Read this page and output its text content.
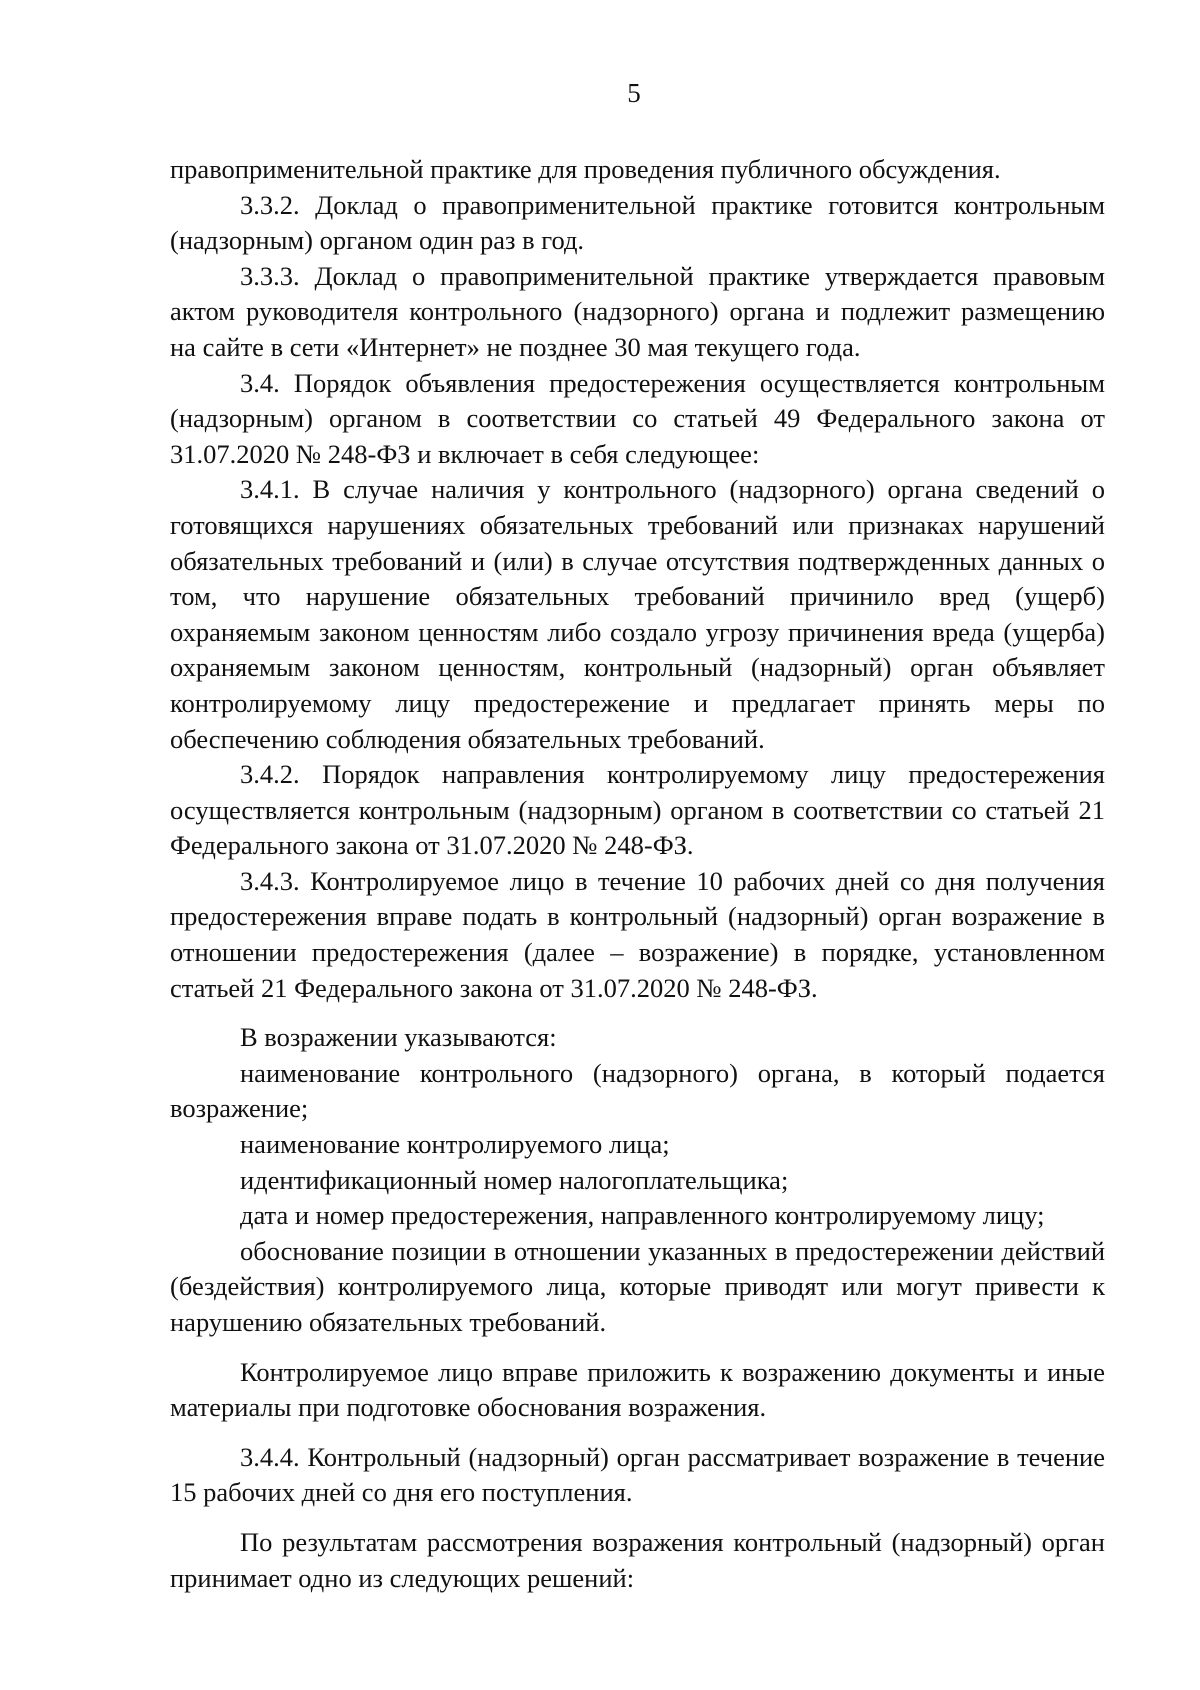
5

правоприменительной практике для проведения публичного обсуждения.

3.3.2. Доклад о правоприменительной практике готовится контрольным (надзорным) органом один раз в год.

3.3.3. Доклад о правоприменительной практике утверждается правовым актом руководителя контрольного (надзорного) органа и подлежит размещению на сайте в сети «Интернет» не позднее 30 мая текущего года.

3.4. Порядок объявления предостережения осуществляется контрольным (надзорным) органом в соответствии со статьей 49 Федерального закона от 31.07.2020 № 248-ФЗ и включает в себя следующее:

3.4.1. В случае наличия у контрольного (надзорного) органа сведений о готовящихся нарушениях обязательных требований или признаках нарушений обязательных требований и (или) в случае отсутствия подтвержденных данных о том, что нарушение обязательных требований причинило вред (ущерб) охраняемым законом ценностям либо создало угрозу причинения вреда (ущерба) охраняемым законом ценностям, контрольный (надзорный) орган объявляет контролируемому лицу предостережение и предлагает принять меры по обеспечению соблюдения обязательных требований.

3.4.2. Порядок направления контролируемому лицу предостережения осуществляется контрольным (надзорным) органом в соответствии со статьей 21 Федерального закона от 31.07.2020 № 248-ФЗ.

3.4.3. Контролируемое лицо в течение 10 рабочих дней со дня получения предостережения вправе подать в контрольный (надзорный) орган возражение в отношении предостережения (далее – возражение) в порядке, установленном статьей 21 Федерального закона от 31.07.2020 № 248-ФЗ.

В возражении указываются:

наименование контрольного (надзорного) органа, в который подается возражение;

наименование контролируемого лица;

идентификационный номер налогоплательщика;

дата и номер предостережения, направленного контролируемому лицу;

обоснование позиции в отношении указанных в предостережении действий (бездействия) контролируемого лица, которые приводят или могут привести к нарушению обязательных требований.

Контролируемое лицо вправе приложить к возражению документы и иные материалы при подготовке обоснования возражения.

3.4.4. Контрольный (надзорный) орган рассматривает возражение в течение 15 рабочих дней со дня его поступления.

По результатам рассмотрения возражения контрольный (надзорный) орган принимает одно из следующих решений:
